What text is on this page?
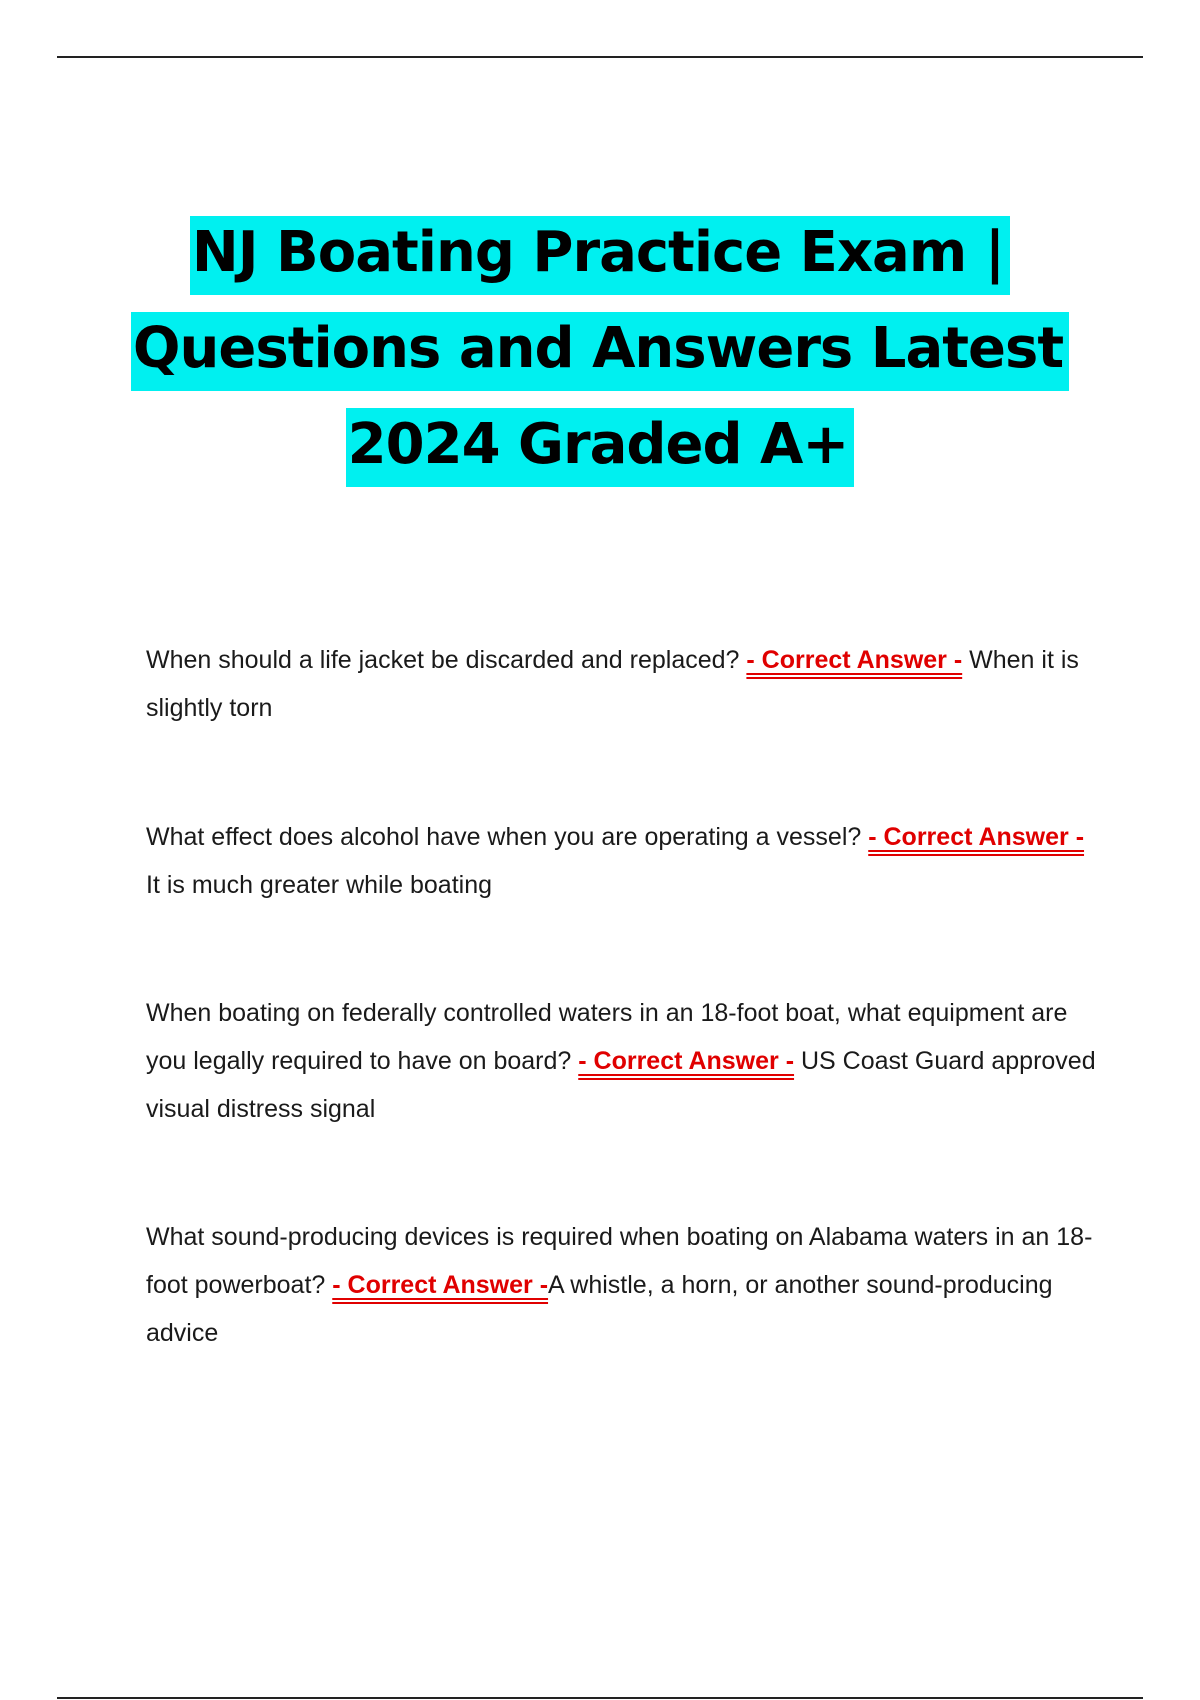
NJ Boating Practice Exam |
Questions and Answers Latest
2024 Graded A+

When should a life jacket be discarded and replaced? - Correct Answer - When it is slightly torn

What effect does alcohol have when you are operating a vessel? - Correct Answer - It is much greater while boating

When boating on federally controlled waters in an 18-foot boat, what equipment are you legally required to have on board? - Correct Answer - US Coast Guard approved visual distress signal

What sound-producing devices is required when boating on Alabama waters in an 18-foot powerboat? - Correct Answer -A whistle, a horn, or another sound-producing advice
